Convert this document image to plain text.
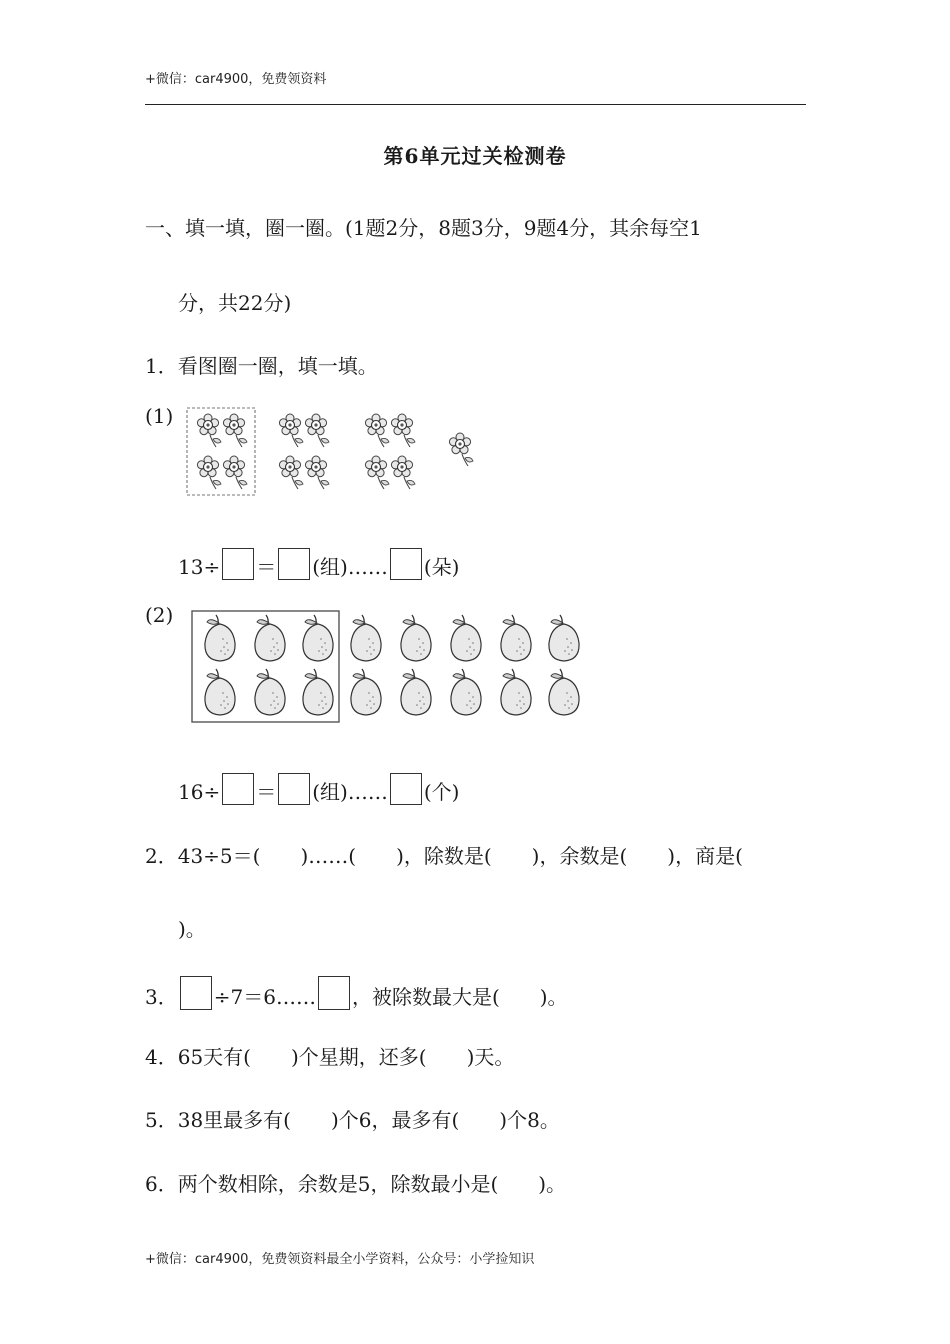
+微信：car4900，免费领资料
第6单元过关检测卷
一、填一填，圈一圈。(1题2分，8题3分，9题4分，其余每空1
分，共22分)
1．看图圈一圈，填一填。
(1)
13÷ ＝ (组)…… (朵)
(2)
16÷ ＝ (组)…… (个)
2．43÷5＝(　　)……(　　)，除数是(　　)，余数是(　　)，商是(
)。
3． ÷7＝6…… ，被除数最大是(　　)。
4．65天有(　　)个星期，还多(　　)天。
5．38里最多有(　　)个6，最多有(　　)个8。
6．两个数相除，余数是5，除数最小是(　　)。
+微信：car4900，免费领资料最全小学资料，公众号：小学捡知识
